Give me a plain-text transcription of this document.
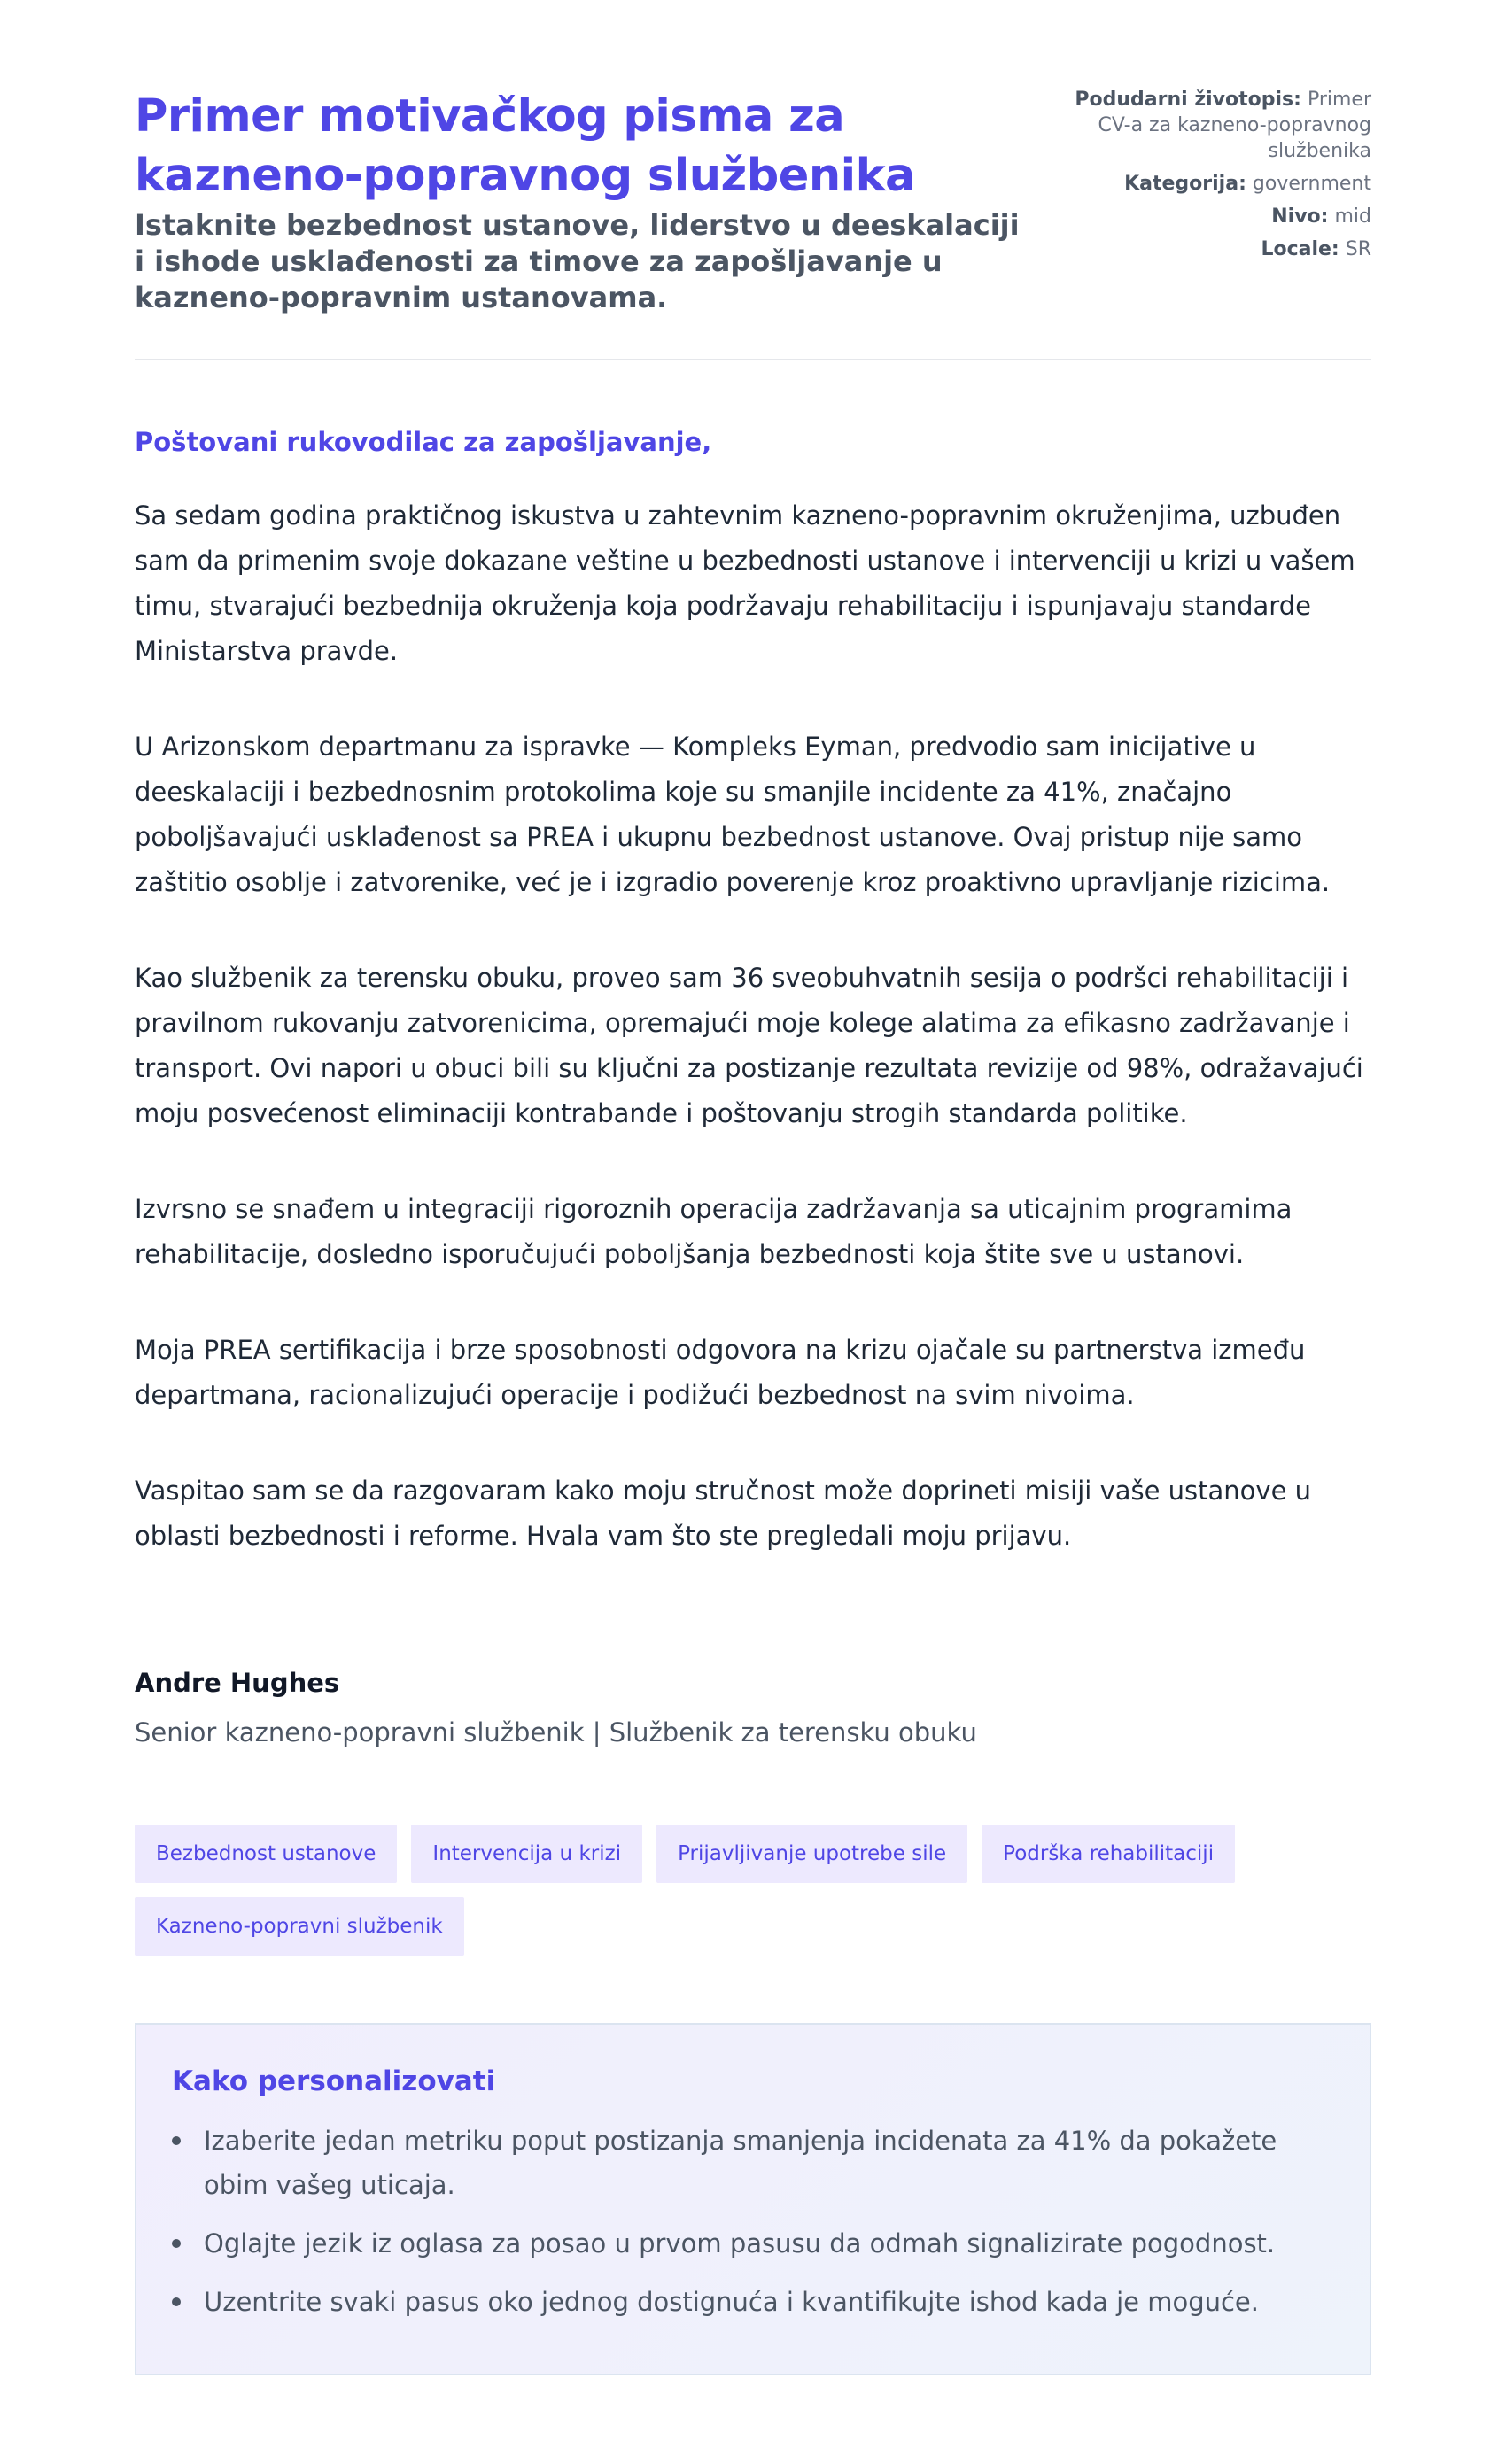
Primer motivačkog pisma za kazneno-popravnog službenika

Istaknite bezbednost ustanove, liderstvo u deeskalaciji i ishode usklađenosti za timove za zapošljavanje u kazneno-popravnim ustanovama.

Podudarni životopis: Primer CV-a za kazneno-popravnog službenika
Kategorija: government
Nivo: mid
Locale: SR

Poštovani rukovodilac za zapošljavanje,

Sa sedam godina praktičnog iskustva u zahtevnim kazneno-popravnim okruženjima, uzbuđen sam da primenim svoje dokazane veštine u bezbednosti ustanove i intervenciji u krizi u vašem timu, stvarajući bezbednija okruženja koja podržavaju rehabilitaciju i ispunjavaju standarde Ministarstva pravde.

U Arizonskom departmanu za ispravke — Kompleks Eyman, predvodio sam inicijative u deeskalaciji i bezbednosnim protokolima koje su smanjile incidente za 41%, značajno poboljšavajući usklađenost sa PREA i ukupnu bezbednost ustanove. Ovaj pristup nije samo zaštitio osoblje i zatvorenike, već je i izgradio poverenje kroz proaktivno upravljanje rizicima.

Kao službenik za terensku obuku, proveo sam 36 sveobuhvatnih sesija o podršci rehabilitaciji i pravilnom rukovanju zatvorenicima, opremajući moje kolege alatima za efikasno zadržavanje i transport. Ovi napori u obuci bili su ključni za postizanje rezultata revizije od 98%, odražavajući moju posvećenost eliminaciji kontrabande i poštovanju strogih standarda politike.

Izvrsno se snađem u integraciji rigoroznih operacija zadržavanja sa uticajnim programima rehabilitacije, dosledno isporučujući poboljšanja bezbednosti koja štite sve u ustanovi.

Moja PREA sertifikacija i brze sposobnosti odgovora na krizu ojačale su partnerstva između departmana, racionalizujući operacije i podižući bezbednost na svim nivoima.

Vaspitao sam se da razgovaram kako moju stručnost može doprineti misiji vaše ustanove u oblasti bezbednosti i reforme. Hvala vam što ste pregledali moju prijavu.

Andre Hughes

Senior kazneno-popravni službenik | Službenik za terensku obuku

Bezbednost ustanove	Intervencija u krizi	Prijavljivanje upotrebe sile	Podrška rehabilitaciji
Kazneno-popravni službenik
Kako personalizovati
Izaberite jedan metriku poput postizanja smanjenja incidenata za 41% da pokažete obim vašeg uticaja.
Oglajte jezik iz oglasa za posao u prvom pasusu da odmah signalizirate pogodnost.
Uzentrite svaki pasus oko jednog dostignuća i kvantifikujte ishod kada je moguće.
